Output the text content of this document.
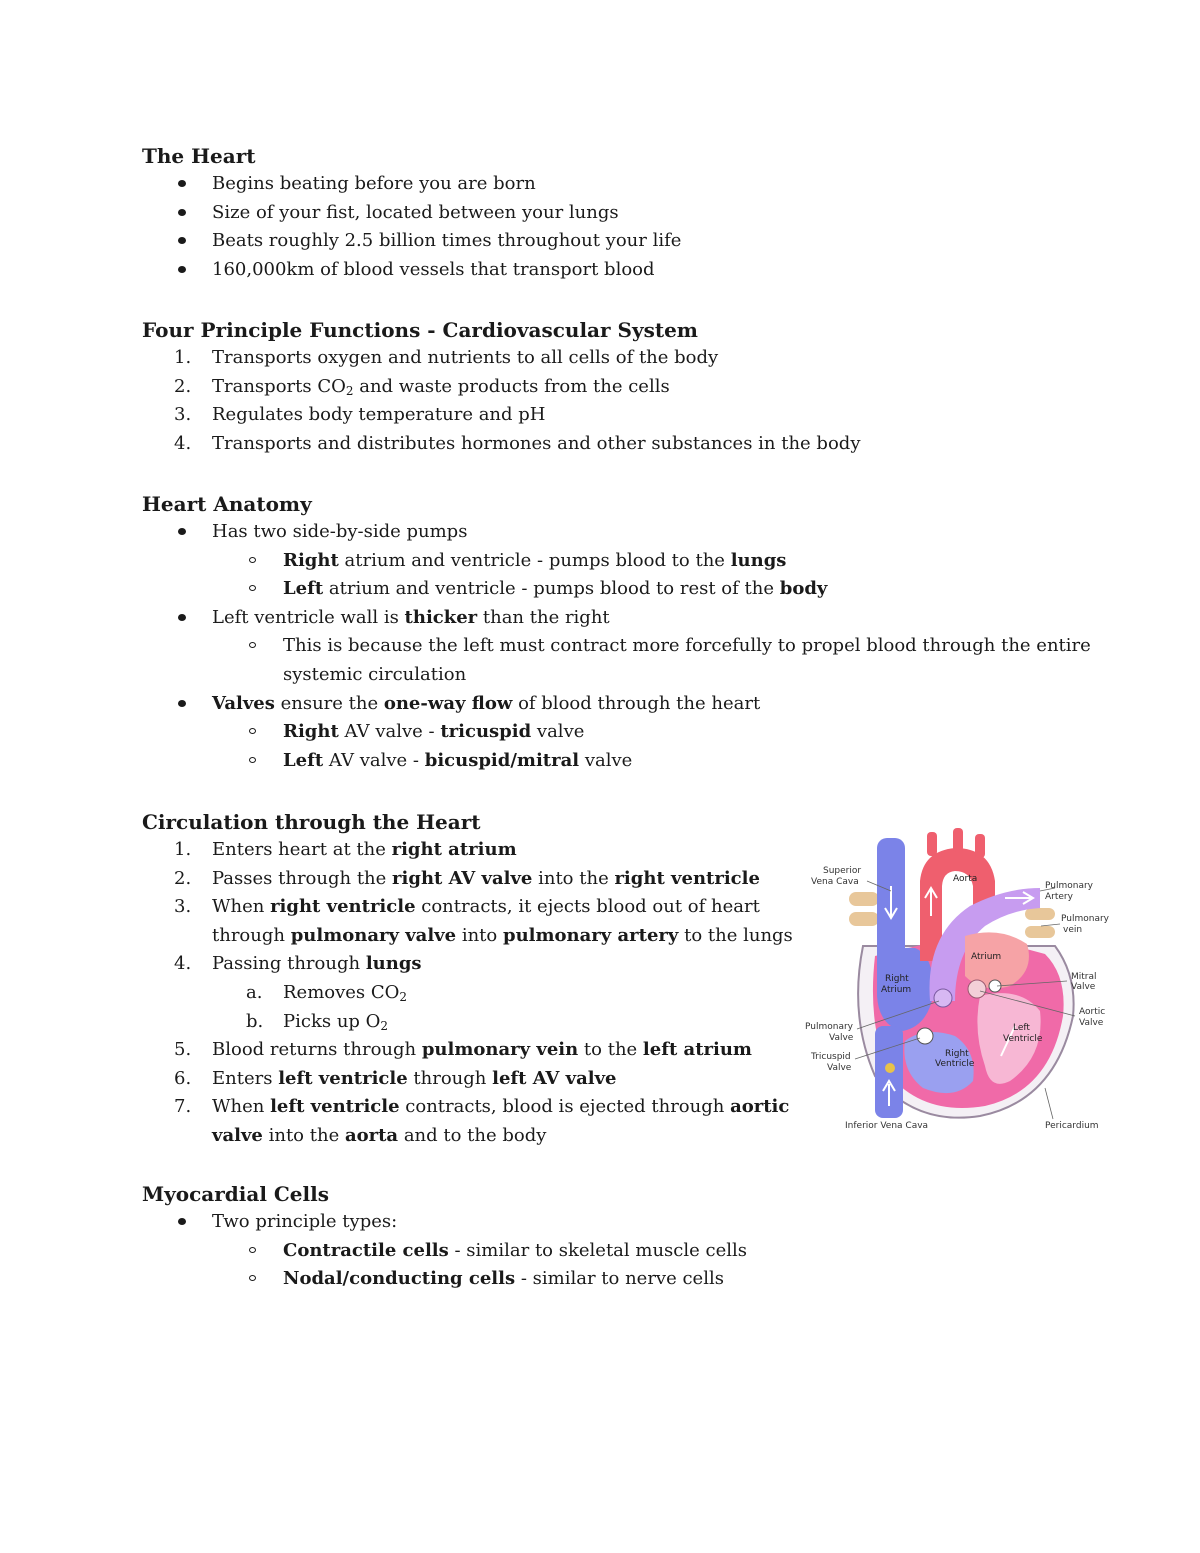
The Heart
Begins beating before you are born
Size of your fist, located between your lungs
Beats roughly 2.5 billion times throughout your life
160,000km of blood vessels that transport blood
Four Principle Functions - Cardiovascular System
1. Transports oxygen and nutrients to all cells of the body
2. Transports $CO_2$ and waste products from the cells
3. Regulates body temperature and pH
4. Transports and distributes hormones and other substances in the body
Heart Anatomy
Has two side-by-side pumps
Right atrium and ventricle - pumps blood to the lungs
Left atrium and ventricle - pumps blood to rest of the body
Left ventricle wall is thicker than the right
This is because the left must contract more forcefully to propel blood through the entire
systemic circulation
Valves ensure the one-way flow of blood through the heart
Right AV valve - tricuspid valve
Left AV valve - bicuspid/mitral valve
Circulation through the Heart
1. Enters heart at the right atrium
2. Passes through the right AV valve into the right ventricle
3. When right ventricle contracts, it ejects blood out of heart
through pulmonary valve into pulmonary artery to the lungs
4. Passing through lungs
a. Removes $CO_2$
b. Picks up $O_2$
5. Blood returns through pulmonary vein to the left atrium
6. Enters left ventricle through left AV valve
7. When left ventricle contracts, blood is ejected through aortic
valve into the aorta and to the body
Superior
Vena Cava	Aorta
Pulmonary
Artery
Pulmonary
vein
Atrium
Right
Atrium
Mitral
Valve
Aortic
Valve
Pulmonary
Valve
Left
Ventricle
Tricuspid
Valve
Right
Ventricle
Inferior Vena Cava	Pericardium
Myocardial Cells
Two principle types:
Contractile cells - similar to skeletal muscle cells
Nodal/conducting cells - similar to nerve cells
